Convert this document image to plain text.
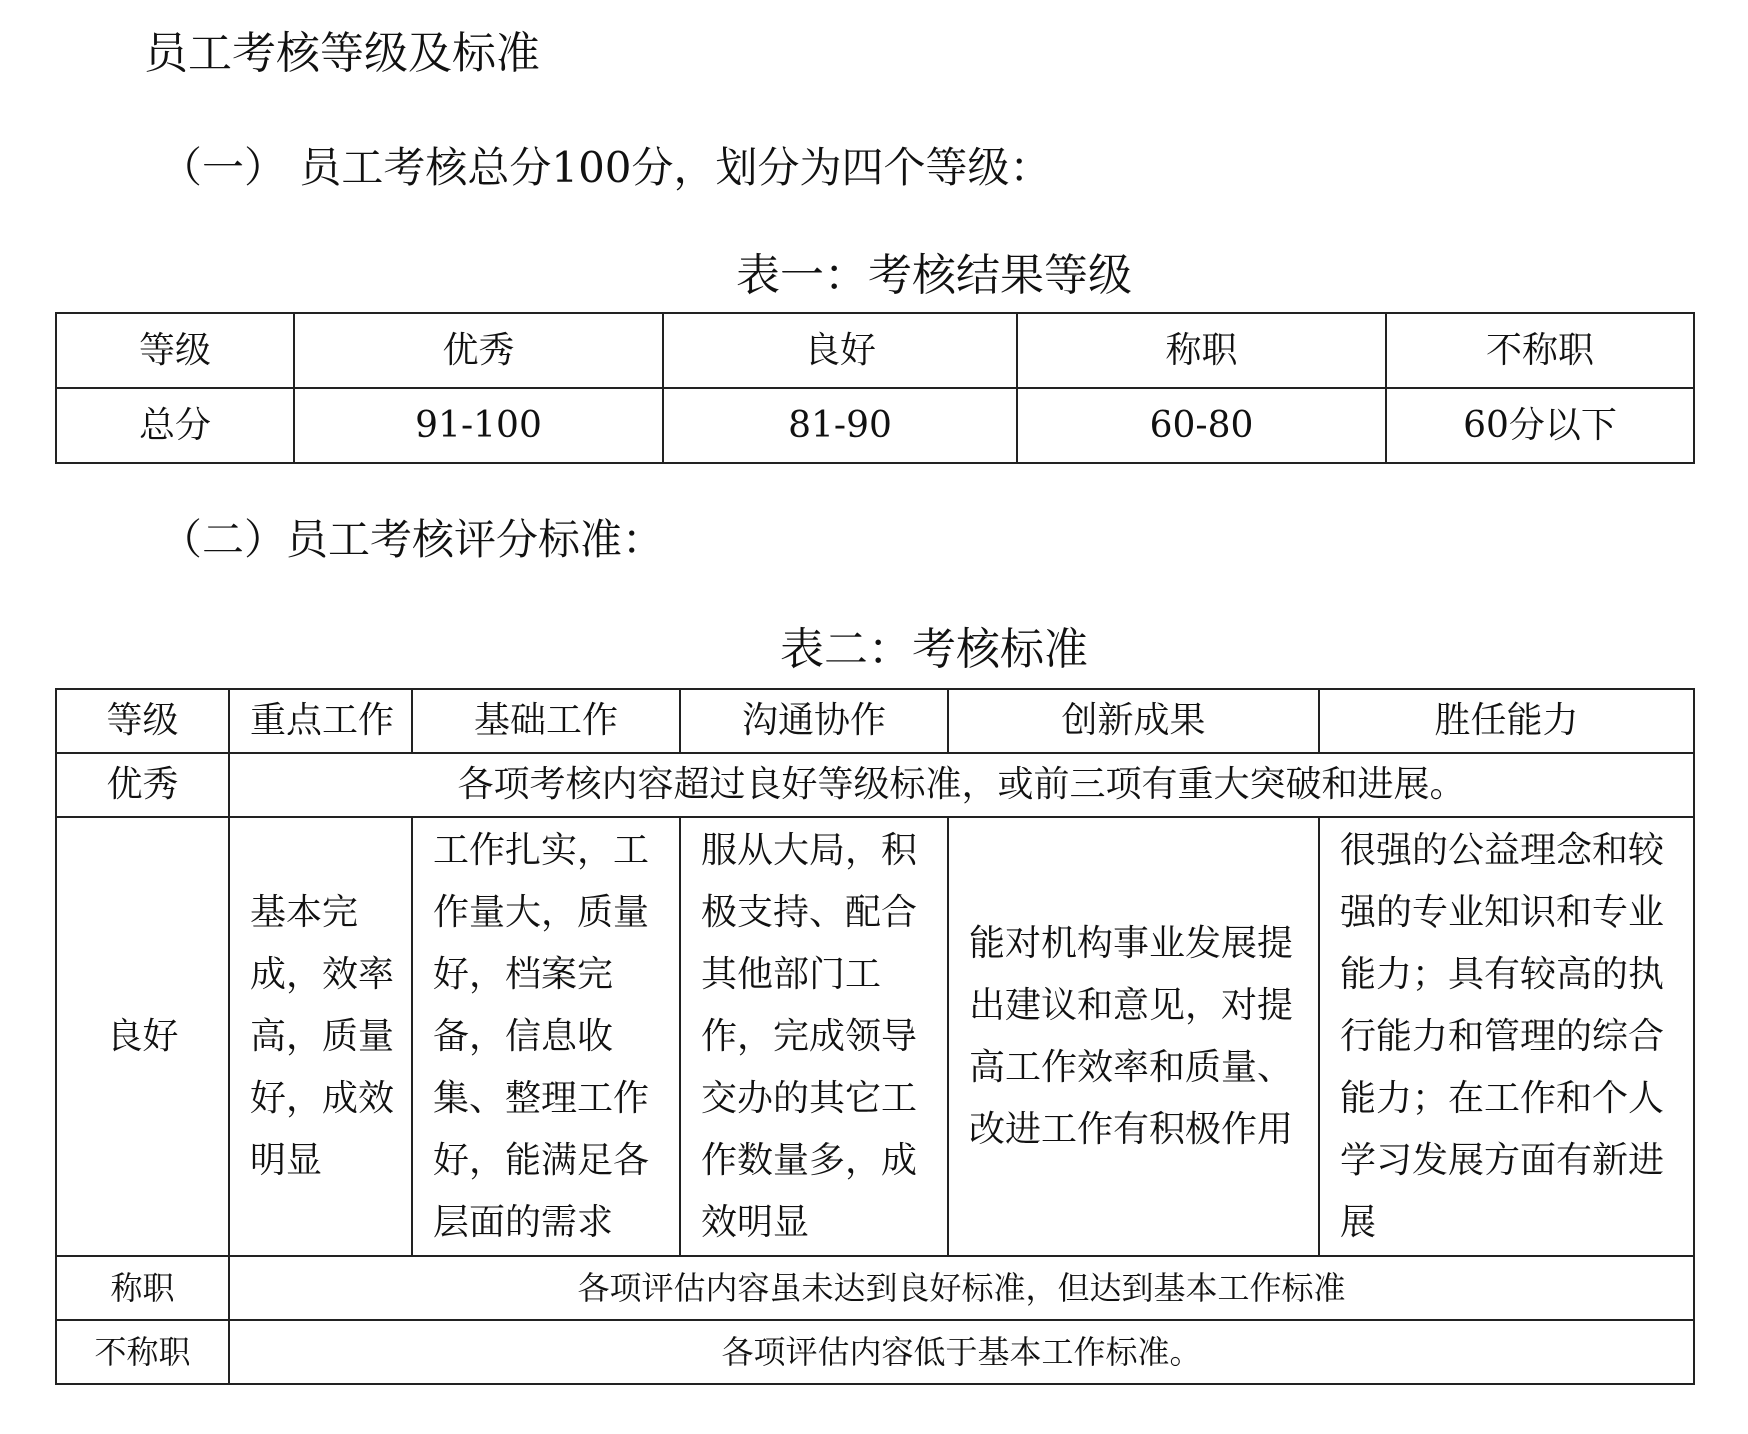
员工考核等级及标准
（一） 员工考核总分100分，划分为四个等级：
表一：考核结果等级
等级	优秀	良好	称职	不称职
总分	91-100	81-90	60-80	60分以下
（二）员工考核评分标准：
表二：考核标准
等级	重点工作	基础工作	沟通协作	创新成果	胜任能力
优秀	各项考核内容超过良好等级标准，或前三项有重大突破和进展。				
良好	基本完成，效率高，质量好，成效明显	工作扎实，工作量大，质量好，档案完备，信息收集、整理工作好，能满足各层面的需求	服从大局，积极支持、配合其他部门工作，完成领导交办的其它工作数量多，成效明显	能对机构事业发展提出建议和意见，对提高工作效率和质量、改进工作有积极作用	很强的公益理念和较强的专业知识和专业能力；具有较高的执行能力和管理的综合能力；在工作和个人学习发展方面有新进展
称职	各项评估内容虽未达到良好标准，但达到基本工作标准				
不称职	各项评估内容低于基本工作标准。				
